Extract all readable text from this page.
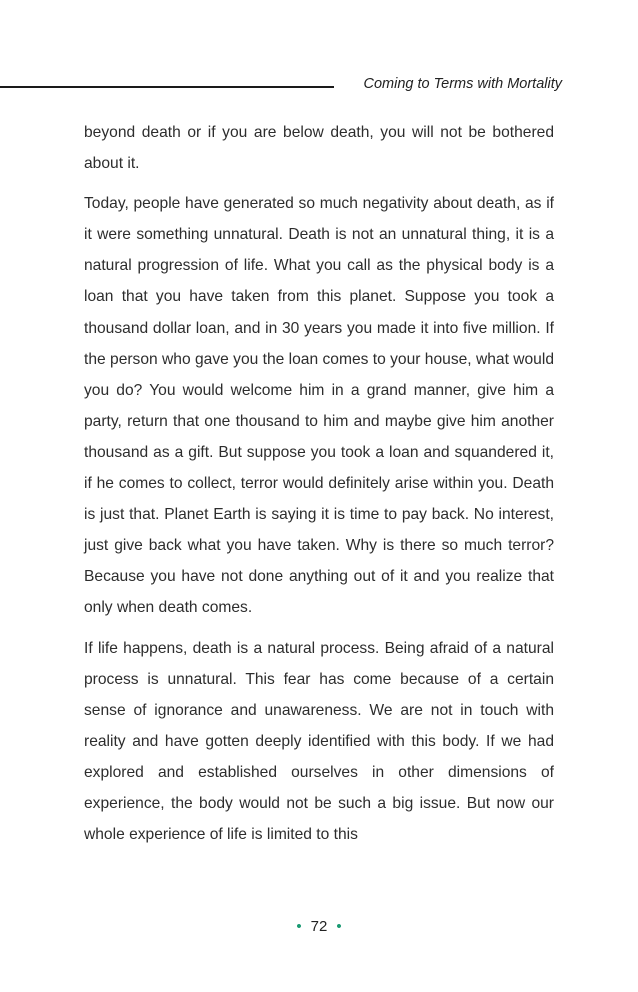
Coming to Terms with Mortality

beyond death or if you are below death, you will not be bothered about it.

Today, people have generated so much negativity about death, as if it were something unnatural. Death is not an unnatural thing, it is a natural progression of life. What you call as the physical body is a loan that you have taken from this planet. Suppose you took a thousand dollar loan, and in 30 years you made it into five million. If the person who gave you the loan comes to your house, what would you do? You would welcome him in a grand manner, give him a party, return that one thousand to him and maybe give him another thousand as a gift. But suppose you took a loan and squandered it, if he comes to collect, terror would definitely arise within you. Death is just that. Planet Earth is saying it is time to pay back. No interest, just give back what you have taken. Why is there so much terror? Because you have not done anything out of it and you realize that only when death comes.

If life happens, death is a natural process. Being afraid of a natural process is unnatural. This fear has come because of a certain sense of ignorance and unawareness. We are not in touch with reality and have gotten deeply identified with this body. If we had explored and established ourselves in other dimensions of experience, the body would not be such a big issue. But now our whole experience of life is limited to this

• 72 •
